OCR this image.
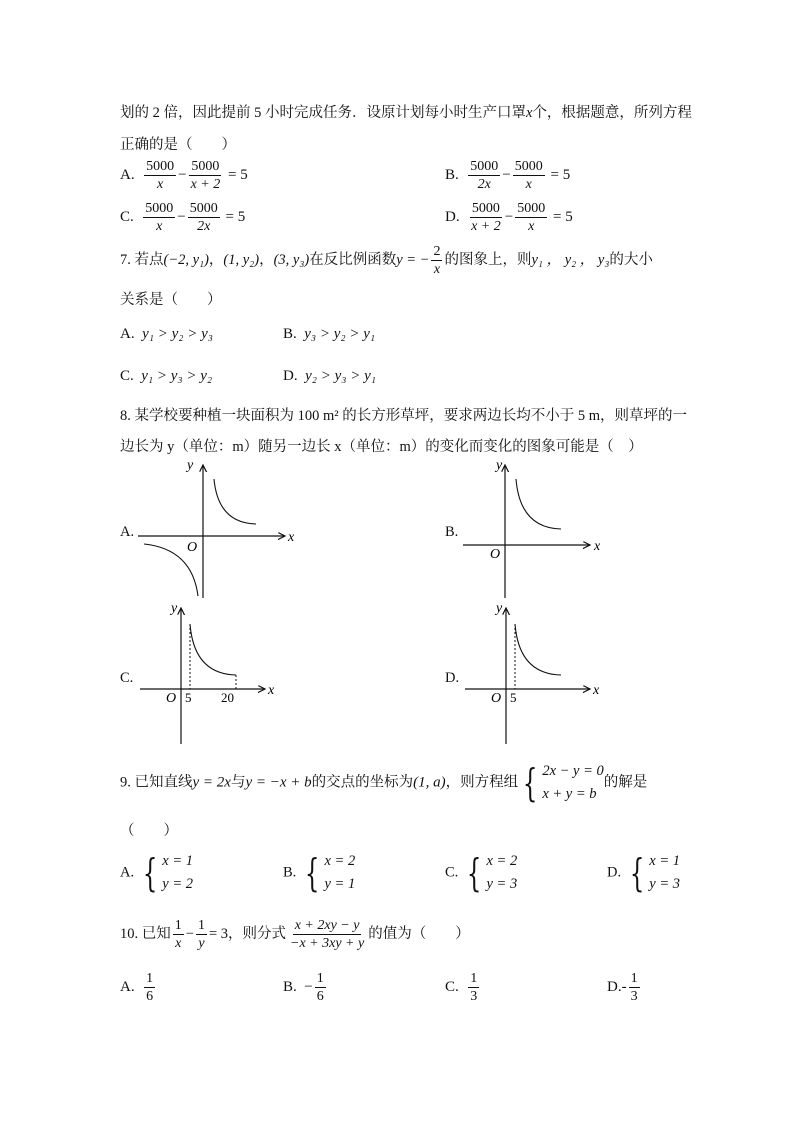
划的 2 倍，因此提前 5 小时完成任务．设原计划每小时生产口罩x个，根据题意，所列方程
正确的是（　　）
A. $\frac{5000}{x} - \frac{5000}{x + 2} = 5$	B. $\frac{5000}{2x} - \frac{5000}{x} = 5$
C. $\frac{5000}{x} - \frac{5000}{2x} = 5$	D. $\frac{5000}{x + 2} - \frac{5000}{x} = 5$
7. 若点(−2, y₁)，(1, y₂)，(3, y₃)在反比例函数y = − $\frac{2}{x}$ 的图象上，则y₁ ， y₂ ， y₃的大小
关系是（　　）
A. y₁ > y₂ > y₃	B. y₃ > y₂ > y₁
C. y₁ > y₃ > y₂	D. y₂ > y₃ > y₁
8. 某学校要种植一块面积为 100 m² 的长方形草坪，要求两边长均不小于 5 m，则草坪的一
边长为 y（单位：m）随另一边长 x（单位：m）的变化而变化的图象可能是（　）
A.	B.
C.	D.
x
y
O	x
y
O
x
y
O 5 20	x
y
O 5
9. 已知直线y = 2x与y = −x + b的交点的坐标为(1, a)，则方程组 { 2x − y = 0
x + y = b
的解是
（　　）
A. { x = 1
y = 2
B. { x = 2
y = 1
C. { x = 2
y = 3
D. { x = 1
y = 3
10. 已知 $\frac{1}{x} - \frac{1}{y} = 3$，则分式 $\frac{x + 2xy - y}{-x + 3xy + y}$ 的值为（　　）
A. $\frac{1}{6}$	B. − $\frac{1}{6}$	C. $\frac{1}{3}$	$D.- \frac{1}{3}$
